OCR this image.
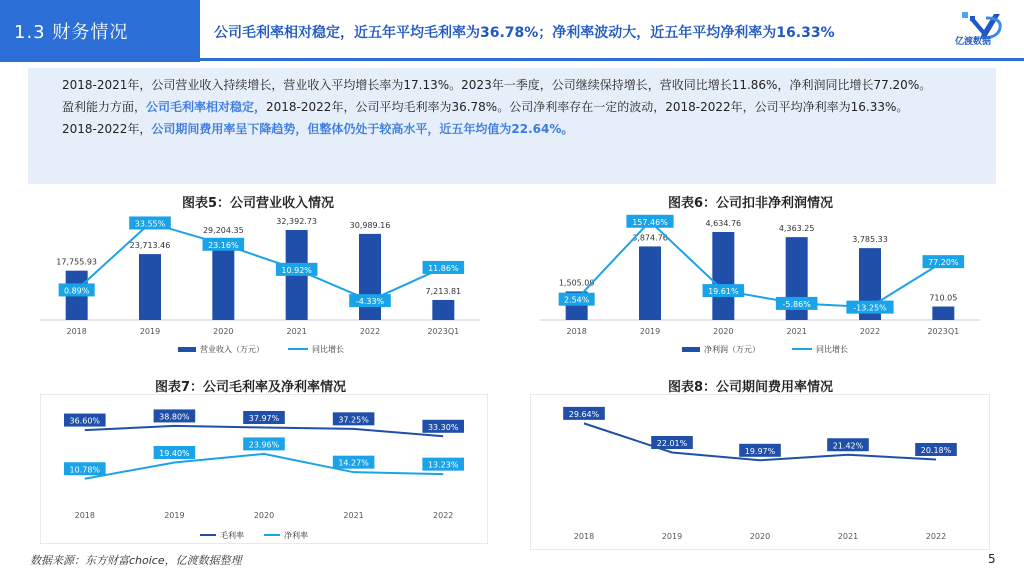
1.3 财务情况	公司毛利率相对稳定，近五年平均毛利率为36.78%；净利率波动大，近五年平均净利率为16.33%
亿渡数据

2018-2021年，公司营业收入持续增长，营业收入平均增长率为17.13%。2023年一季度，公司继续保持增长，营收同比增长11.86%，净利润同比增长77.20%。

盈利能力方面，公司毛利率相对稳定，2018-2022年，公司平均毛利率为36.78%。公司净利率存在一定的波动，2018-2022年，公司平均净利率为16.33%。

2018-2022年，公司期间费用率呈下降趋势，但整体仍处于较高水平，近五年均值为22.64%。

图表5：公司营业收入情况	图表6：公司扣非净利润情况
图表7：公司毛利率及净利率情况	图表8：公司期间费用率情况
17,755.93
2018
23,713.46
2019
29,204.35
2020
32,392.73
2021
30,989.16
2022
7,213.81
2023Q1
0.89%
33.55%
23.16%
10.92%
-4.33%
11.86%
营业收入（万元）	同比增长
1,505.00
2018
3,874.76
2019
4,634.76
2020
4,363.25
2021
3,785.33
2022
710.05
2023Q1
2.54%
157.46%
19.61%
-5.86%	-13.25%
77.20%
净利润（万元）	同比增长
2018	2019	2020	2021	2022
36.60%	38.80%	37.97%	37.25%
33.30%
10.78%
19.40%
23.96%
14.27%	13.23%
毛利率	净利率	2018	2019	2020	2021	2022
29.64%
22.01%
19.97%
21.42%
20.18%
数据来源：东方财富choice，亿渡数据整理	5
